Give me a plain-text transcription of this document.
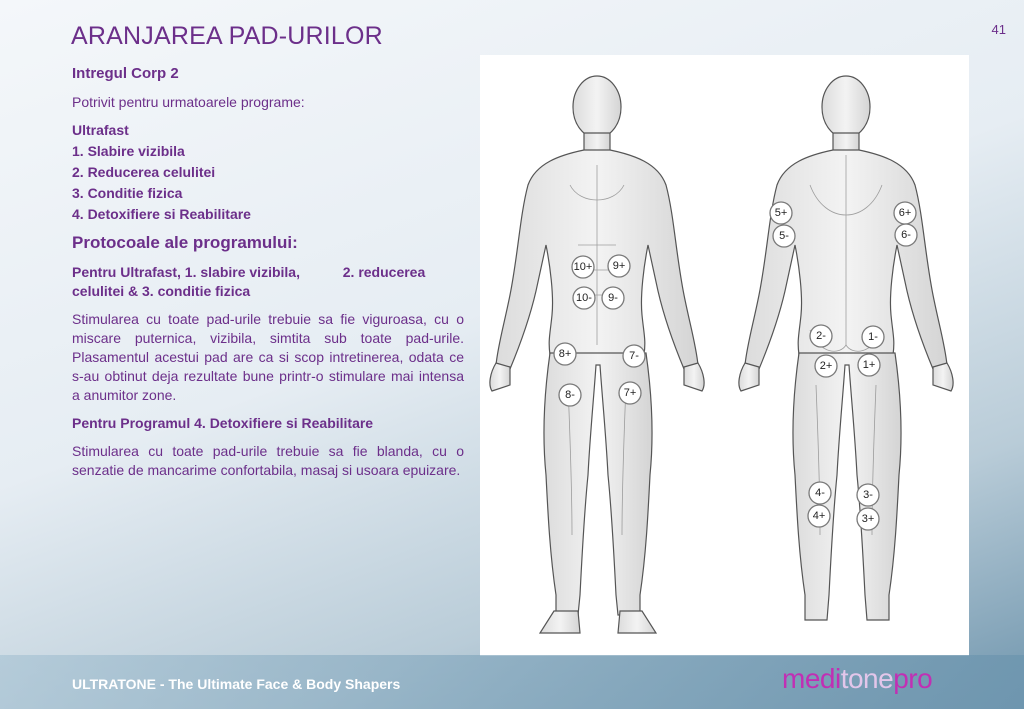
ARANJAREA PAD-URILOR	41

Intregul Corp 2

Potrivit pentru urmatoarele programe:

Ultrafast
1. Slabire vizibila
2. Reducerea celulitei
3. Conditie fizica
4. Detoxifiere si Reabilitare

Protocoale ale programului:

Pentru Ultrafast, 1. slabire vizibila,           2. reducerea celulitei & 3. conditie fizica

Stimularea cu toate pad-urile trebuie sa fie viguroasa, cu o miscare puternica, vizibila, simtita sub toate pad-urile. Plasamentul acestui pad are ca si scop intretinerea, odata ce s-au obtinut deja rezultate bune printr-o stimulare mai intensa a anumitor zone.

Pentru Programul 4. Detoxifiere si Reabilitare

Stimularea cu toate pad-urile trebuie sa fie blanda, cu o senzatie de mancarime confortabila, masaj si usoara epuizare.

10+ 9+
10- 9-
8+	7-
8-	7+
5+	6+
5-	6-
2-	1-
2+	1+
4-	3-
4+	3+
ULTRATONE - The Ultimate Face & Body Shapers	meditonepro
